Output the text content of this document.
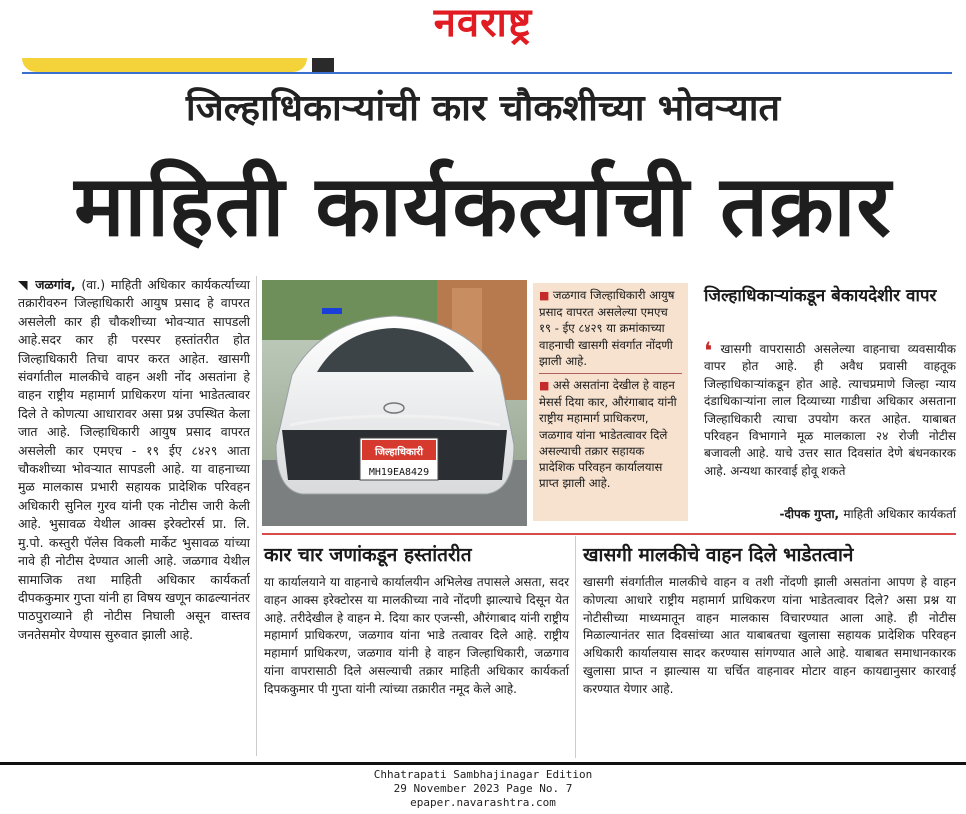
नवराष्ट्र
जिल्हाधिकाऱ्यांची कार चौकशीच्या भोवऱ्यात
माहिती कार्यकर्त्याची तक्रार
◥ जळगांव, (वा.) माहिती अधिकार कार्यकर्त्याच्या तक्रारीवरुन जिल्हाधिकारी आयुष प्रसाद हे वापरत असलेली कार ही चौकशीच्या भोवऱ्यात सापडली आहे.सदर कार ही परस्पर हस्तांतरीत होत जिल्हाधिकारी तिचा वापर करत आहेत. खासगी संवर्गातील मालकीचे वाहन अशी नोंद असतांना हे वाहन राष्ट्रीय महामार्ग प्राधिकरण यांना भाडेतत्वावर दिले ते कोणत्या आधारावर असा प्रश्न उपस्थित केला जात आहे. जिल्हाधिकारी आयुष प्रसाद वापरत असलेली कार एमएच - १९ ईए ८४२९ आता चौकशीच्या भोवऱ्यात सापडली आहे. या वाहनाच्या मुळ मालकास प्रभारी सहायक प्रादेशिक परिवहन अधिकारी सुनिल गुरव यांनी एक नोटीस जारी केली आहे. भुसावळ येथील आक्स इरेक्टोरर्स प्रा. लि. मु.पो. कस्तुरी पॅलेस विकली मार्केट भुसावळ यांच्या नावे ही नोटीस देण्यात आली आहे. जळगाव येथील सामाजिक तथा माहिती अधिकार कार्यकर्ता दीपककुमार गुप्ता यांनी हा विषय खणून काढल्यानंतर पाठपुराव्याने ही नोटीस निघाली असून वास्तव जनतेसमोर येण्यास सुरुवात झाली आहे.
जिल्हाधिकारी
MH19EA8429

■ जळगाव जिल्हाधिकारी आयुष प्रसाद वापरत असलेल्या एमएच १९ - ईए ८४२९ या क्रमांकाच्या वाहनाची खासगी संवर्गात नोंदणी झाली आहे.

■ असे असतांना देखील हे वाहन मेसर्स दिया कार, औरंगाबाद यांनी राष्ट्रीय महामार्ग प्राधिकरण, जळगाव यांना भाडेतत्वावर दिले असल्याची तक्रार सहायक प्रादेशिक परिवहन कार्यालयास प्राप्त झाली आहे.

जिल्हाधिकाऱ्यांकडून बेकायदेशीर वापर
❛ खासगी वापरासाठी असलेल्या वाहनाचा व्यवसायीक वापर होत आहे. ही अवैध प्रवासी वाहतूक जिल्हाधिकाऱ्यांकडून होत आहे. त्याचप्रमाणे जिल्हा न्याय दंडाधिकाऱ्यांना लाल दिव्याच्या गाडीचा अधिकार असताना जिल्हाधिकारी त्याचा उपयोग करत आहेत. याबाबत परिवहन विभागाने मूळ मालकाला २४ रोजी नोटीस बजावली आहे. याचे उत्तर सात दिवसांत देणे बंधनकारक आहे. अन्यथा कारवाई होवू शकते
-दीपक गुप्ता, माहिती अधिकार कार्यकर्ता
कार चार जणांकडून हस्तांतरीत	खासगी मालकीचे वाहन दिले भाडेतत्वाने
या कार्यालयाने या वाहनाचे कार्यालयीन अभिलेख तपासले असता, सदर वाहन आक्स इरेक्टोरस या मालकीच्या नावे नोंदणी झाल्याचे दिसून येत आहे. तरीदेखील हे वाहन मे. दिया कार एजन्सी, औरंगाबाद यांनी राष्ट्रीय महामार्ग प्राधिकरण, जळगाव यांना भाडे तत्वावर दिले आहे. राष्ट्रीय महामार्ग प्राधिकरण, जळगाव यांनी हे वाहन जिल्हाधिकारी, जळगाव यांना वापरासाठी दिले असल्याची तक्रार माहिती अधिकार कार्यकर्ता दिपककुमार पी गुप्ता यांनी त्यांच्या तक्रारीत नमूद केले आहे.
खासगी संवर्गातील मालकीचे वाहन व तशी नोंदणी झाली असतांना आपण हे वाहन कोणत्या आधारे राष्ट्रीय महामार्ग प्राधिकरण यांना भाडेतत्वावर दिले? असा प्रश्न या नोटीसीच्या माध्यमातून वाहन मालकास विचारण्यात आला आहे. ही नोटीस मिळाल्यानंतर सात दिवसांच्या आत याबाबतचा खुलासा सहायक प्रादेशिक परिवहन अधिकारी कार्यालयास सादर करण्यास सांगण्यात आले आहे. याबाबत समाधानकारक खुलासा प्राप्त न झाल्यास या चर्चित वाहनावर मोटार वाहन कायद्यानुसार कारवाई करण्यात येणार आहे.
Chhatrapati Sambhajinagar Edition
29 November 2023 Page No. 7
epaper.navarashtra.com
